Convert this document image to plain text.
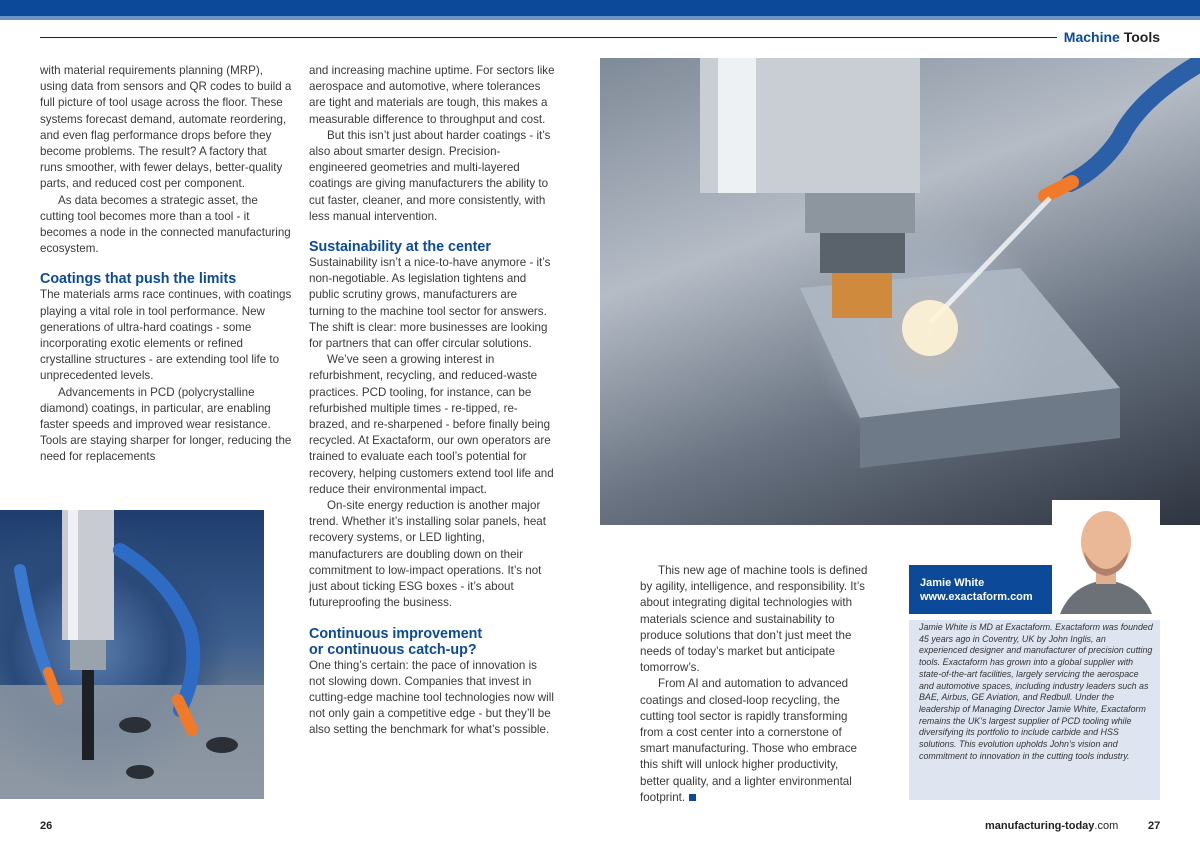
Machine Tools

with material requirements planning (MRP), using data from sensors and QR codes to build a full picture of tool usage across the floor. These systems forecast demand, automate reordering, and even flag performance drops before they become problems. The result? A factory that runs smoother, with fewer delays, better-quality parts, and reduced cost per component.

As data becomes a strategic asset, the cutting tool becomes more than a tool - it becomes a node in the connected manufacturing ecosystem.

Coatings that push the limits

The materials arms race continues, with coatings playing a vital role in tool performance. New generations of ultra-hard coatings - some incorporating exotic elements or refined crystalline structures - are extending tool life to unprecedented levels.

Advancements in PCD (polycrystalline diamond) coatings, in particular, are enabling faster speeds and improved wear resistance. Tools are staying sharper for longer, reducing the need for replacements

and increasing machine uptime. For sectors like aerospace and automotive, where tolerances are tight and materials are tough, this makes a measurable difference to throughput and cost.

But this isn’t just about harder coatings - it’s also about smarter design. Precision-engineered geometries and multi-layered coatings are giving manufacturers the ability to cut faster, cleaner, and more consistently, with less manual intervention.

Sustainability at the center

Sustainability isn’t a nice-to-have anymore - it’s non-negotiable. As legislation tightens and public scrutiny grows, manufacturers are turning to the machine tool sector for answers. The shift is clear: more businesses are looking for partners that can offer circular solutions.

We’ve seen a growing interest in refurbishment, recycling, and reduced-waste practices. PCD tooling, for instance, can be refurbished multiple times - re-tipped, re-brazed, and re-sharpened - before finally being recycled. At Exactaform, our own operators are trained to evaluate each tool’s potential for recovery, helping customers extend tool life and reduce their environmental impact.

On-site energy reduction is another major trend. Whether it’s installing solar panels, heat recovery systems, or LED lighting, manufacturers are doubling down on their commitment to low-impact operations. It’s not just about ticking ESG boxes - it’s about futureproofing the business.

Continuous improvement
or continuous catch-up?

One thing’s certain: the pace of innovation is not slowing down. Companies that invest in cutting-edge machine tool technologies now will not only gain a competitive edge - but they’ll be also setting the benchmark for what’s possible.

This new age of machine tools is defined by agility, intelligence, and responsibility. It’s about integrating digital technologies with materials science and sustainability to produce solutions that don’t just meet the needs of today’s market but anticipate tomorrow’s.

From AI and automation to advanced coatings and closed-loop recycling, the cutting tool sector is rapidly transforming from a cost center into a cornerstone of smart manufacturing. Those who embrace this shift will unlock higher productivity, better quality, and a lighter environmental footprint.

Jamie White
www.exactaform.com
Jamie White is MD at Exactaform. Exactaform was founded 45 years ago in Coventry, UK by John Inglis, an experienced designer and manufacturer of precision cutting tools. Exactaform has grown into a global supplier with state-of-the-art facilities, largely servicing the aerospace and automotive spaces, including industry leaders such as BAE, Airbus, GE Aviation, and Redbull. Under the leadership of Managing Director Jamie White, Exactaform remains the UK’s largest supplier of PCD tooling while diversifying its portfolio to include carbide and HSS solutions. This evolution upholds John’s vision and commitment to innovation in the cutting tools industry.
26	manufacturing-today.com	27
